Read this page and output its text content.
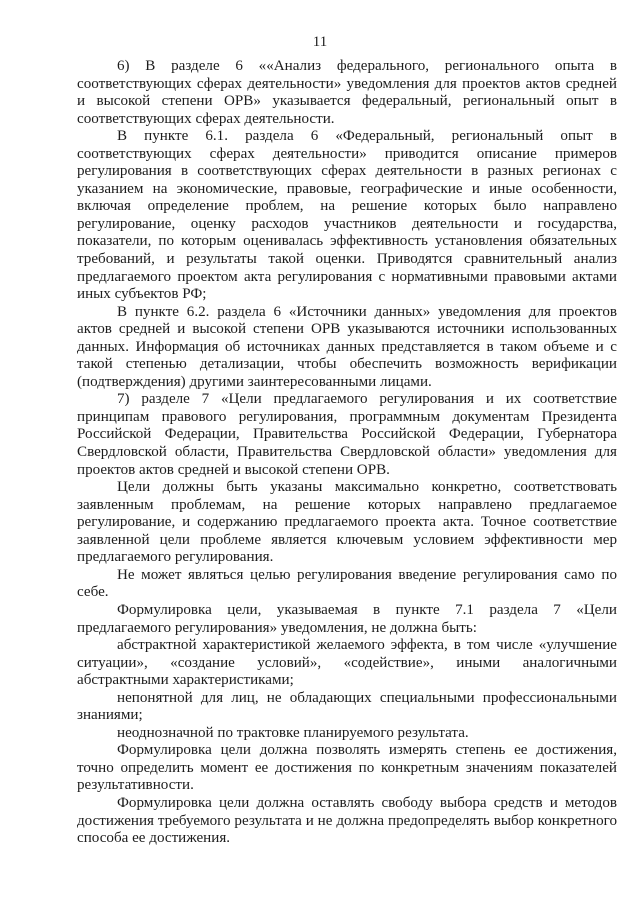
11

6) В разделе 6 ««Анализ федерального, регионального опыта в соответствующих сферах деятельности» уведомления для проектов актов средней и высокой степени ОРВ» указывается федеральный, региональный опыт в соответствующих сферах деятельности.

В пункте 6.1. раздела 6 «Федеральный, региональный опыт в соответствующих сферах деятельности» приводится описание примеров регулирования в соответствующих сферах деятельности в разных регионах с указанием на экономические, правовые, географические и иные особенности, включая определение проблем, на решение которых было направлено регулирование, оценку расходов участников деятельности и государства, показатели, по которым оценивалась эффективность установления обязательных требований, и результаты такой оценки. Приводятся сравнительный анализ предлагаемого проектом акта регулирования с нормативными правовыми актами иных субъектов РФ;

В пункте 6.2. раздела 6 «Источники данных» уведомления для проектов актов средней и высокой степени ОРВ указываются источники использованных данных. Информация об источниках данных представляется в таком объеме и с такой степенью детализации, чтобы обеспечить возможность верификации (подтверждения) другими заинтересованными лицами.

7) разделе 7 «Цели предлагаемого регулирования и их соответствие принципам правового регулирования, программным документам Президента Российской Федерации, Правительства Российской Федерации, Губернатора Свердловской области, Правительства Свердловской области» уведомления для проектов актов средней и высокой степени ОРВ.

Цели должны быть указаны максимально конкретно, соответствовать заявленным проблемам, на решение которых направлено предлагаемое регулирование, и содержанию предлагаемого проекта акта. Точное соответствие заявленной цели проблеме является ключевым условием эффективности мер предлагаемого регулирования.

Не может являться целью регулирования введение регулирования само по себе.

Формулировка цели, указываемая в пункте 7.1 раздела 7 «Цели предлагаемого регулирования» уведомления, не должна быть:

абстрактной характеристикой желаемого эффекта, в том числе «улучшение ситуации», «создание условий», «содействие», иными аналогичными абстрактными характеристиками;

непонятной для лиц, не обладающих специальными профессиональными знаниями;

неоднозначной по трактовке планируемого результата.

Формулировка цели должна позволять измерять степень ее достижения, точно определить момент ее достижения по конкретным значениям показателей результативности.

Формулировка цели должна оставлять свободу выбора средств и методов достижения требуемого результата и не должна предопределять выбор конкретного способа ее достижения.
